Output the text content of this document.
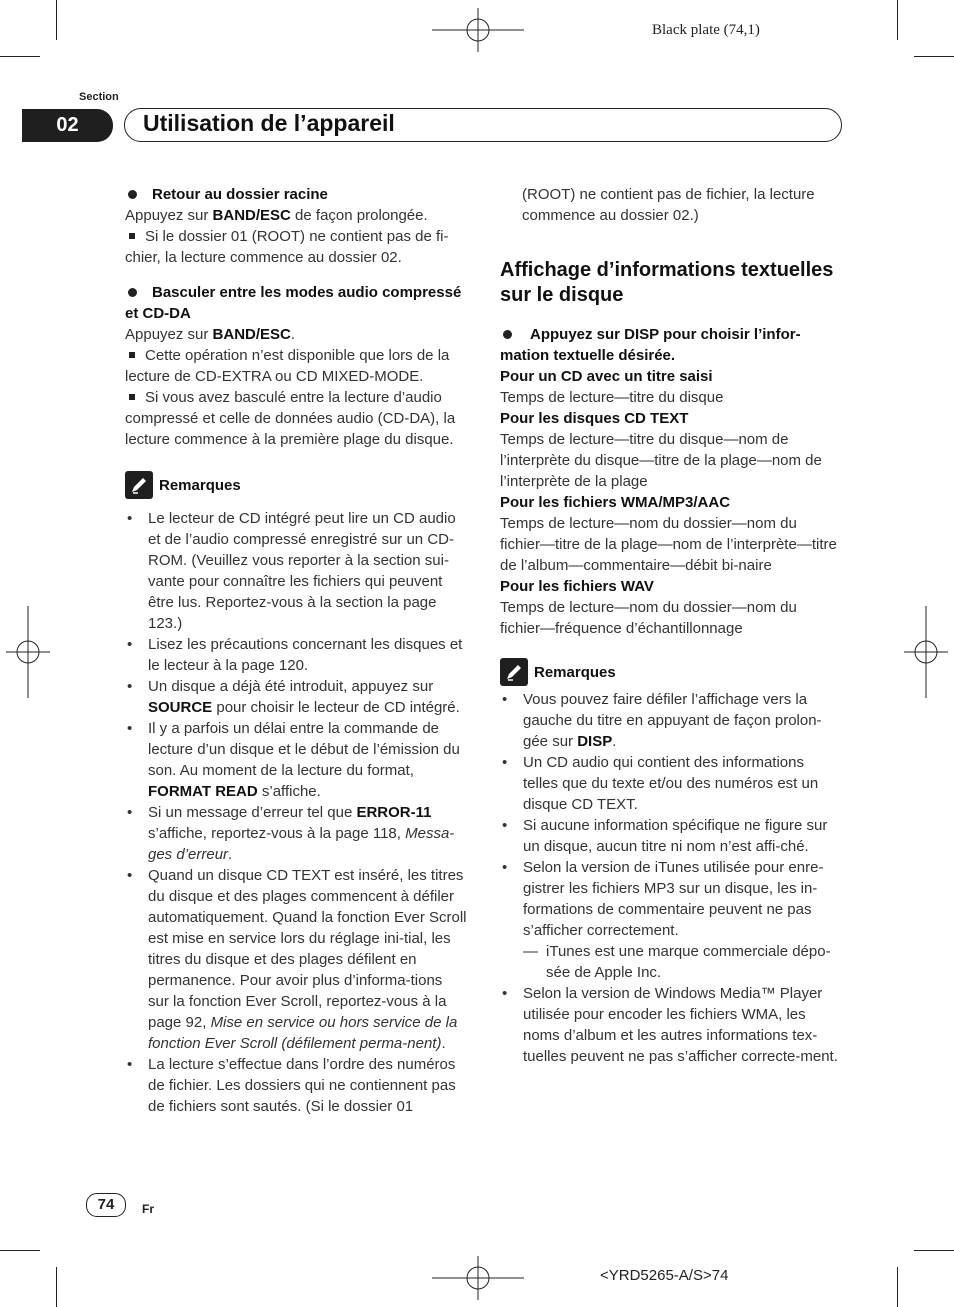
Black plate (74,1)
Section
02	Utilisation de l’appareil

Retour au dossier racine

Appuyez sur BAND/ESC de façon prolongée.

Si le dossier 01 (ROOT) ne contient pas de fi-chier, la lecture commence au dossier 02.

Basculer entre les modes audio compressé et CD-DA

Appuyez sur BAND/ESC.

Cette opération n’est disponible que lors de la lecture de CD-EXTRA ou CD MIXED-MODE.

Si vous avez basculé entre la lecture d’audio compressé et celle de données audio (CD-DA), la lecture commence à la première plage du disque.

Remarques
• Le lecteur de CD intégré peut lire un CD audio et de l’audio compressé enregistré sur un CD-ROM. (Veuillez vous reporter à la section sui-vante pour connaître les fichiers qui peuvent être lus. Reportez-vous à la section la page 123.)
• Lisez les précautions concernant les disques et le lecteur à la page 120.
• Un disque a déjà été introduit, appuyez sur SOURCE pour choisir le lecteur de CD intégré.
• Il y a parfois un délai entre la commande de lecture d’un disque et le début de l’émission du son. Au moment de la lecture du format, FORMAT READ s’affiche.
• Si un message d’erreur tel que ERROR-11 s’affiche, reportez-vous à la page 118, Messa-ges d’erreur.
• Quand un disque CD TEXT est inséré, les titres du disque et des plages commencent à défiler automatiquement. Quand la fonction Ever Scroll est mise en service lors du réglage ini-tial, les titres du disque et des plages défilent en permanence. Pour avoir plus d’informa-tions sur la fonction Ever Scroll, reportez-vous à la page 92, Mise en service ou hors service de la fonction Ever Scroll (défilement perma-nent).
• La lecture s’effectue dans l’ordre des numéros de fichier. Les dossiers qui ne contiennent pas de fichiers sont sautés. (Si le dossier 01

(ROOT) ne contient pas de fichier, la lecture commence au dossier 02.)

Affichage d’informations textuelles sur le disque

Appuyez sur DISP pour choisir l’infor-mation textuelle désirée.

Pour un CD avec un titre saisi

Temps de lecture—titre du disque

Pour les disques CD TEXT

Temps de lecture—titre du disque—nom de l’interprète du disque—titre de la plage—nom de l’interprète de la plage

Pour les fichiers WMA/MP3/AAC

Temps de lecture—nom du dossier—nom du fichier—titre de la plage—nom de l’interprète—titre de l’album—commentaire—débit bi-naire

Pour les fichiers WAV

Temps de lecture—nom du dossier—nom du fichier—fréquence d’échantillonnage

Remarques
• Vous pouvez faire défiler l’affichage vers la gauche du titre en appuyant de façon prolon-gée sur DISP.
• Un CD audio qui contient des informations telles que du texte et/ou des numéros est un disque CD TEXT.
• Si aucune information spécifique ne figure sur un disque, aucun titre ni nom n’est affi-ché.
• Selon la version de iTunes utilisée pour enre-gistrer les fichiers MP3 sur un disque, les in-formations de commentaire peuvent ne pas s’afficher correctement.
— iTunes est une marque commerciale dépo-sée de Apple Inc.
• Selon la version de Windows Media™ Player utilisée pour encoder les fichiers WMA, les noms d’album et les autres informations tex-tuelles peuvent ne pas s’afficher correcte-ment.
74	Fr
<YRD5265-A/S>74
